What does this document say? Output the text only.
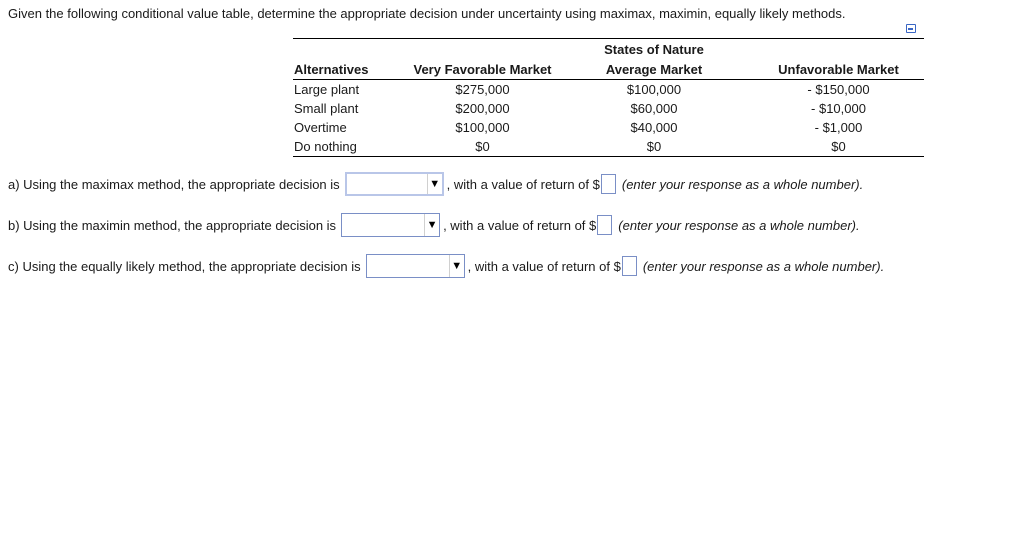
Given the following conditional value table, determine the appropriate decision under uncertainty using maximax, maximin, equally likely methods.
		States of Nature	
Alternatives	Very Favorable Market	Average Market	Unfavorable Market
Large plant	$275,000	$100,000	- $150,000
Small plant	$200,000	$60,000	- $10,000
Overtime	$100,000	$40,000	- $1,000
Do nothing	$0	$0	$0
a) Using the maximax method, the appropriate decision is	▼ , with a value of return of $ (enter your response as a whole number).
b) Using the maximin method, the appropriate decision is	▼ , with a value of return of $ (enter your response as a whole number).
c) Using the equally likely method, the appropriate decision is	▼ , with a value of return of $ (enter your response as a whole number).
